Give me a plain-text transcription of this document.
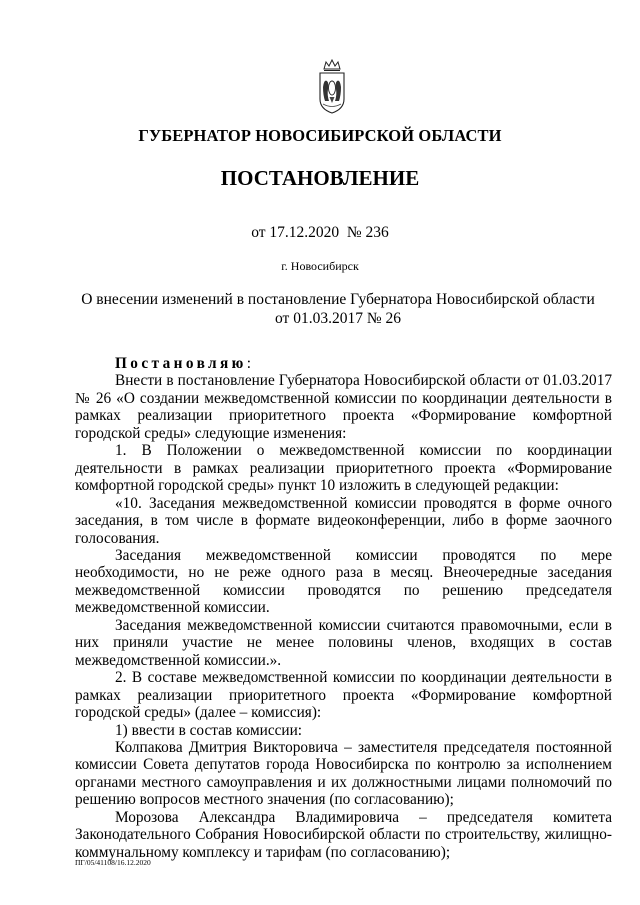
ГУБЕРНАТОР НОВОСИБИРСКОЙ ОБЛАСТИ
ПОСТАНОВЛЕНИЕ
от 17.12.2020 № 236
г. Новосибирск
О внесении изменений в постановление Губернатора Новосибирской области
от 01.03.2017 № 26

Постановляю:

Внести в постановление Губернатора Новосибирской области от 01.03.2017 № 26 «О создании межведомственной комиссии по координации деятельности в рамках реализации приоритетного проекта «Формирование комфортной городской среды» следующие изменения:

1. В Положении о межведомственной комиссии по координации деятельности в рамках реализации приоритетного проекта «Формирование комфортной городской среды» пункт 10 изложить в следующей редакции:

«10. Заседания межведомственной комиссии проводятся в форме очного заседания, в том числе в формате видеоконференции, либо в форме заочного голосования.

Заседания межведомственной комиссии проводятся по мере необходимости, но не реже одного раза в месяц. Внеочередные заседания межведомственной комиссии проводятся по решению председателя межведомственной комиссии.

Заседания межведомственной комиссии считаются правомочными, если в них приняли участие не менее половины членов, входящих в состав межведомственной комиссии.».

2. В составе межведомственной комиссии по координации деятельности в рамках реализации приоритетного проекта «Формирование комфортной городской среды» (далее – комиссия):

1) ввести в состав комиссии:

Колпакова Дмитрия Викторовича – заместителя председателя постоянной комиссии Совета депутатов города Новосибирска по контролю за исполнением органами местного самоуправления и их должностными лицами полномочий по решению вопросов местного значения (по согласованию);

Морозова Александра Владимировича – председателя комитета Законодательного Собрания Новосибирской области по строительству, жилищно-коммунальному комплексу и тарифам (по согласованию);

ПГ/05/41108/16.12.2020
